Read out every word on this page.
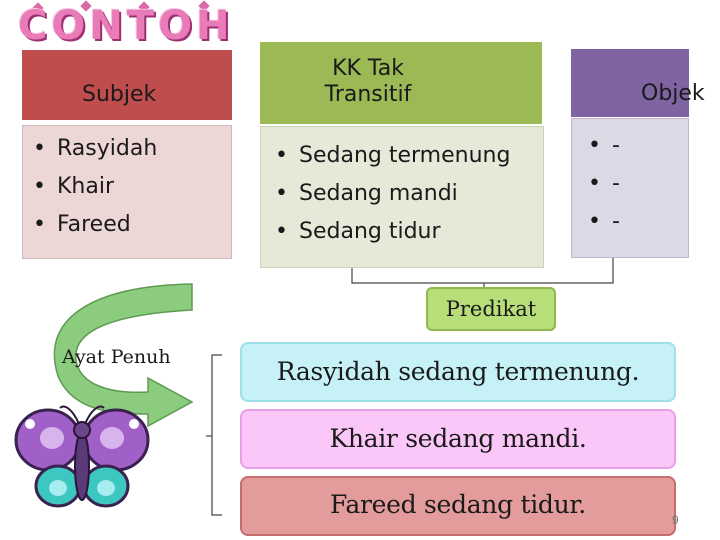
CONTOH
Subjek
• Rasyidah
• Khair
• Fareed
KK Tak
Transitif
• Sedang termenung
• Sedang mandi
• Sedang tidur
Objek
• -
• -
• -
Predikat
Ayat Penuh	Rasyidah sedang termenung.
Khair sedang mandi.
Fareed sedang tidur.
9
